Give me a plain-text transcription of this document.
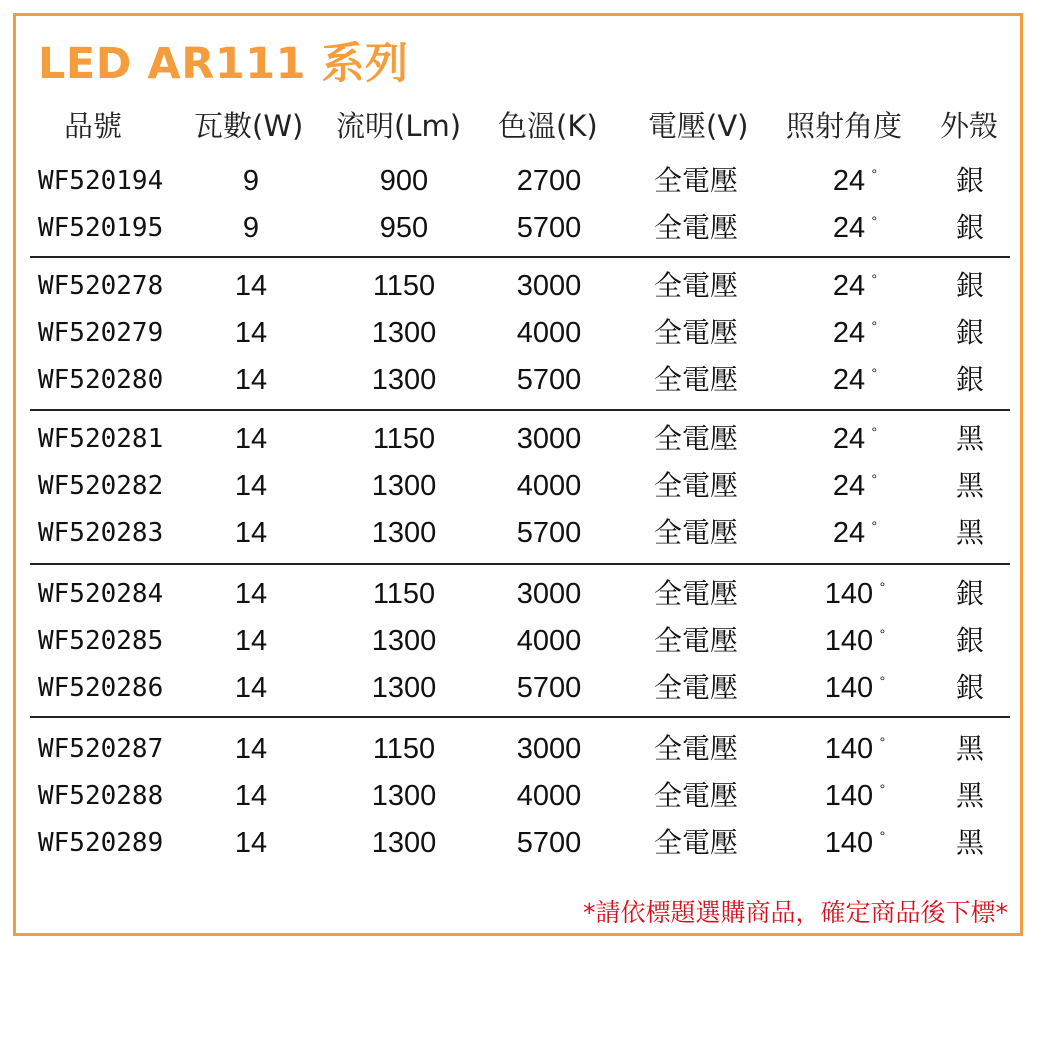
LED AR111 系列
品號 瓦數(W) 流明(Lm) 色溫(K) 電壓(V) 照射角度 外殼
WF520194	9	900	2700	全電壓	24 °	銀
WF520195	9	950	5700	全電壓	24 °	銀
WF520278	14	1150	3000	全電壓	24 °	銀
WF520279	14	1300	4000	全電壓	24 °	銀
WF520280	14	1300	5700	全電壓	24 °	銀
WF520281	14	1150	3000	全電壓	24 °	黑
WF520282	14	1300	4000	全電壓	24 °	黑
WF520283	14	1300	5700	全電壓	24 °	黑
WF520284	14	1150	3000	全電壓	140 °	銀
WF520285	14	1300	4000	全電壓	140 °	銀
WF520286	14	1300	5700	全電壓	140 °	銀
WF520287	14	1150	3000	全電壓	140 °	黑
WF520288	14	1300	4000	全電壓	140 °	黑
WF520289	14	1300	5700	全電壓	140 °	黑
*請依標題選購商品，確定商品後下標*
